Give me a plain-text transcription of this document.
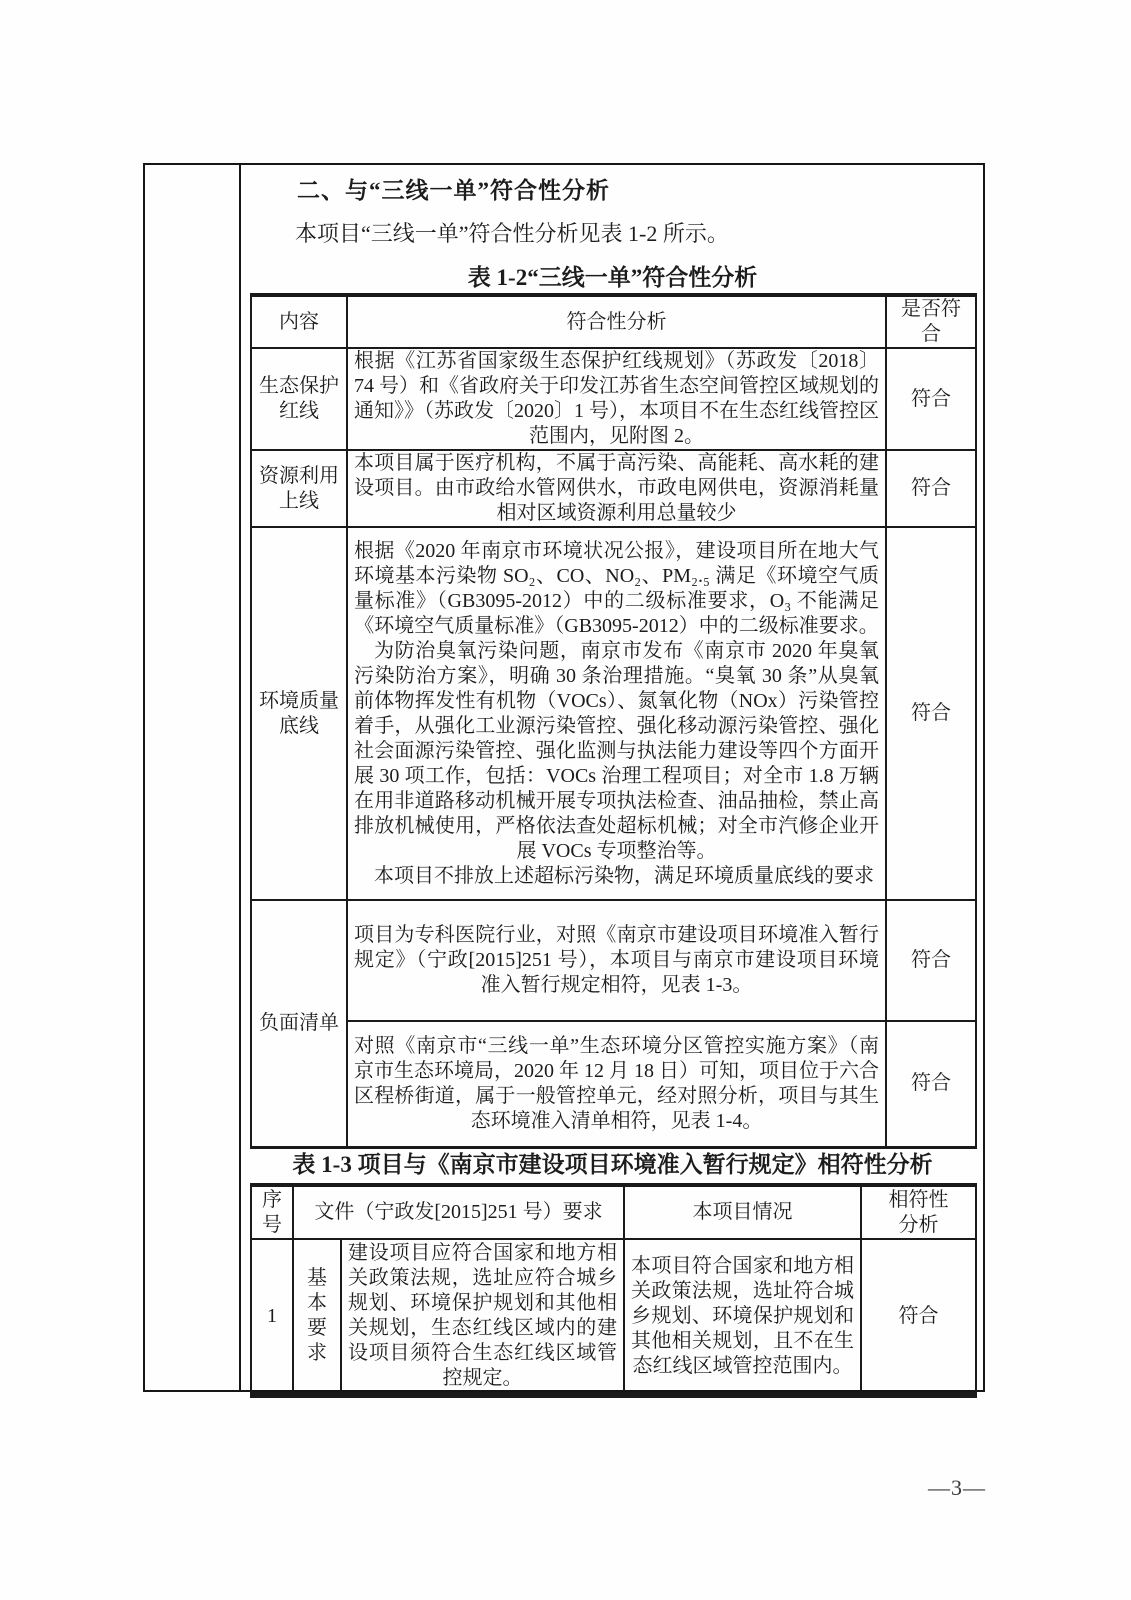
二、与“三线一单”符合性分析
本项目“三线一单”符合性分析见表 1-2 所示。
表 1-2“三线一单”符合性分析
内容	符合性分析	是否符合
生态保护红线	根据《江苏省国家级生态保护红线规划》（苏政发〔2018〕74 号）和《省政府关于印发江苏省生态空间管控区域规划的通知》》（苏政发〔2020〕1 号），本项目不在生态红线管控区范围内，见附图 2。	符合
资源利用上线	本项目属于医疗机构，不属于高污染、高能耗、高水耗的建设项目。由市政给水管网供水，市政电网供电，资源消耗量相对区域资源利用总量较少	符合
环境质量底线	根据《2020 年南京市环境状况公报》，建设项目所在地大气环境基本污染物 SO₂、CO、NO₂、PM₂.₅ 满足《环境空气质量标准》（GB3095-2012）中的二级标准要求，O₃ 不能满足《环境空气质量标准》（GB3095-2012）中的二级标准要求。

为防治臭氧污染问题，南京市发布《南京市 2020 年臭氧污染防治方案》，明确 30 条治理措施。“臭氧 30 条”从臭氧前体物挥发性有机物（VOCs）、氮氧化物（NOx）污染管控着手，从强化工业源污染管控、强化移动源污染管控、强化社会面源污染管控、强化监测与执法能力建设等四个方面开展 30 项工作，包括：VOCs 治理工程项目；对全市 1.8 万辆在用非道路移动机械开展专项执法检查、油品抽检，禁止高排放机械使用，严格依法查处超标机械；对全市汽修企业开展 VOCs 专项整治等。

本项目不排放上述超标污染物，满足环境质量底线的要求	符合
负面清单	项目为专科医院行业，对照《南京市建设项目环境准入暂行规定》（宁政[2015]251 号），本项目与南京市建设项目环境准入暂行规定相符，见表 1-3。	符合

	对照《南京市“三线一单”生态环境分区管控实施方案》（南京市生态环境局，2020 年 12 月 18 日）可知，项目位于六合区程桥街道，属于一般管控单元，经对照分析，项目与其生态环境准入清单相符，见表 1-4。	符合
表 1-3 项目与《南京市建设项目环境准入暂行规定》相符性分析
序号	文件（宁政发[2015]251 号）要求		本项目情况	相符性分析
1	基本要求	建设项目应符合国家和地方相关政策法规，选址应符合城乡规划、环境保护规划和其他相关规划，生态红线区域内的建设项目须符合生态红线区域管控规定。	本项目符合国家和地方相关政策法规，选址符合城乡规划、环境保护规划和其他相关规划，且不在生态红线区域管控范围内。	符合
—3—
